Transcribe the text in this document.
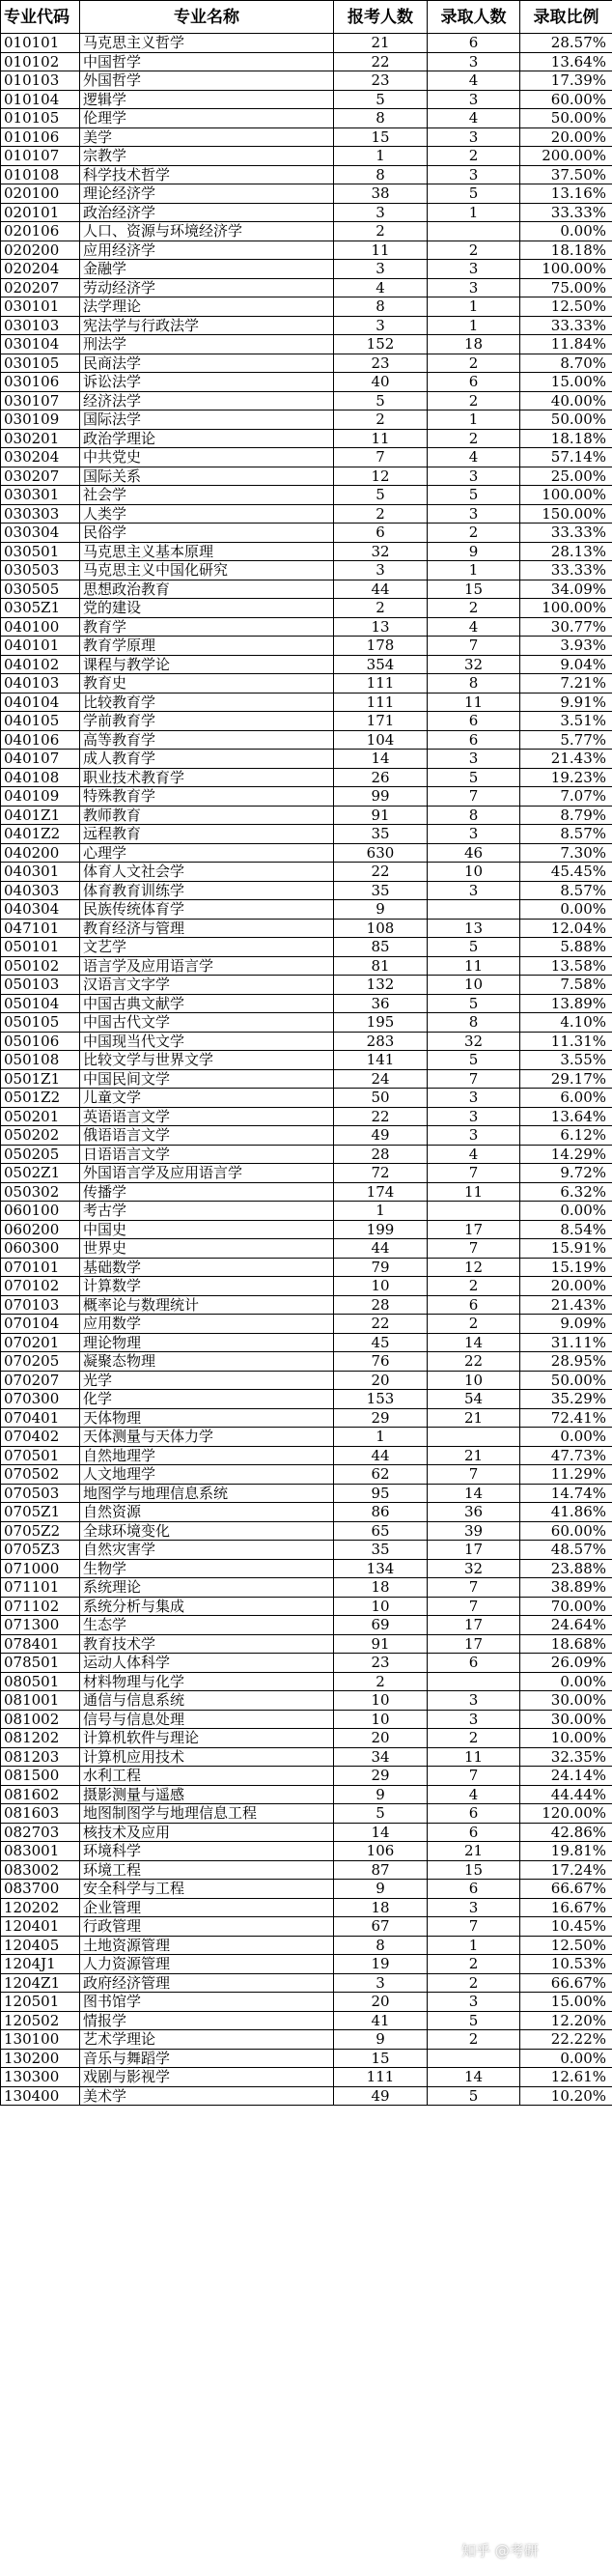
专业代码	专业名称	报考人数	录取人数	录取比例
010101	马克思主义哲学	21	6	28.57%
010102	中国哲学	22	3	13.64%
010103	外国哲学	23	4	17.39%
010104	逻辑学	5	3	60.00%
010105	伦理学	8	4	50.00%
010106	美学	15	3	20.00%
010107	宗教学	1	2	200.00%
010108	科学技术哲学	8	3	37.50%
020100	理论经济学	38	5	13.16%
020101	政治经济学	3	1	33.33%
020106	人口、资源与环境经济学	2		0.00%
020200	应用经济学	11	2	18.18%
020204	金融学	3	3	100.00%
020207	劳动经济学	4	3	75.00%
030101	法学理论	8	1	12.50%
030103	宪法学与行政法学	3	1	33.33%
030104	刑法学	152	18	11.84%
030105	民商法学	23	2	8.70%
030106	诉讼法学	40	6	15.00%
030107	经济法学	5	2	40.00%
030109	国际法学	2	1	50.00%
030201	政治学理论	11	2	18.18%
030204	中共党史	7	4	57.14%
030207	国际关系	12	3	25.00%
030301	社会学	5	5	100.00%
030303	人类学	2	3	150.00%
030304	民俗学	6	2	33.33%
030501	马克思主义基本原理	32	9	28.13%
030503	马克思主义中国化研究	3	1	33.33%
030505	思想政治教育	44	15	34.09%
0305Z1	党的建设	2	2	100.00%
040100	教育学	13	4	30.77%
040101	教育学原理	178	7	3.93%
040102	课程与教学论	354	32	9.04%
040103	教育史	111	8	7.21%
040104	比较教育学	111	11	9.91%
040105	学前教育学	171	6	3.51%
040106	高等教育学	104	6	5.77%
040107	成人教育学	14	3	21.43%
040108	职业技术教育学	26	5	19.23%
040109	特殊教育学	99	7	7.07%
0401Z1	教师教育	91	8	8.79%
0401Z2	远程教育	35	3	8.57%
040200	心理学	630	46	7.30%
040301	体育人文社会学	22	10	45.45%
040303	体育教育训练学	35	3	8.57%
040304	民族传统体育学	9		0.00%
047101	教育经济与管理	108	13	12.04%
050101	文艺学	85	5	5.88%
050102	语言学及应用语言学	81	11	13.58%
050103	汉语言文字学	132	10	7.58%
050104	中国古典文献学	36	5	13.89%
050105	中国古代文学	195	8	4.10%
050106	中国现当代文学	283	32	11.31%
050108	比较文学与世界文学	141	5	3.55%
0501Z1	中国民间文学	24	7	29.17%
0501Z2	儿童文学	50	3	6.00%
050201	英语语言文学	22	3	13.64%
050202	俄语语言文学	49	3	6.12%
050205	日语语言文学	28	4	14.29%
0502Z1	外国语言学及应用语言学	72	7	9.72%
050302	传播学	174	11	6.32%
060100	考古学	1		0.00%
060200	中国史	199	17	8.54%
060300	世界史	44	7	15.91%
070101	基础数学	79	12	15.19%
070102	计算数学	10	2	20.00%
070103	概率论与数理统计	28	6	21.43%
070104	应用数学	22	2	9.09%
070201	理论物理	45	14	31.11%
070205	凝聚态物理	76	22	28.95%
070207	光学	20	10	50.00%
070300	化学	153	54	35.29%
070401	天体物理	29	21	72.41%
070402	天体测量与天体力学	1		0.00%
070501	自然地理学	44	21	47.73%
070502	人文地理学	62	7	11.29%
070503	地图学与地理信息系统	95	14	14.74%
0705Z1	自然资源	86	36	41.86%
0705Z2	全球环境变化	65	39	60.00%
0705Z3	自然灾害学	35	17	48.57%
071000	生物学	134	32	23.88%
071101	系统理论	18	7	38.89%
071102	系统分析与集成	10	7	70.00%
071300	生态学	69	17	24.64%
078401	教育技术学	91	17	18.68%
078501	运动人体科学	23	6	26.09%
080501	材料物理与化学	2		0.00%
081001	通信与信息系统	10	3	30.00%
081002	信号与信息处理	10	3	30.00%
081202	计算机软件与理论	20	2	10.00%
081203	计算机应用技术	34	11	32.35%
081500	水利工程	29	7	24.14%
081602	摄影测量与遥感	9	4	44.44%
081603	地图制图学与地理信息工程	5	6	120.00%
082703	核技术及应用	14	6	42.86%
083001	环境科学	106	21	19.81%
083002	环境工程	87	15	17.24%
083700	安全科学与工程	9	6	66.67%
120202	企业管理	18	3	16.67%
120401	行政管理	67	7	10.45%
120405	土地资源管理	8	1	12.50%
1204J1	人力资源管理	19	2	10.53%
1204Z1	政府经济管理	3	2	66.67%
120501	图书馆学	20	3	15.00%
120502	情报学	41	5	12.20%
130100	艺术学理论	9	2	22.22%
130200	音乐与舞蹈学	15		0.00%
130300	戏剧与影视学	111	14	12.61%
130400	美术学	49	5	10.20%
知乎 @考研
